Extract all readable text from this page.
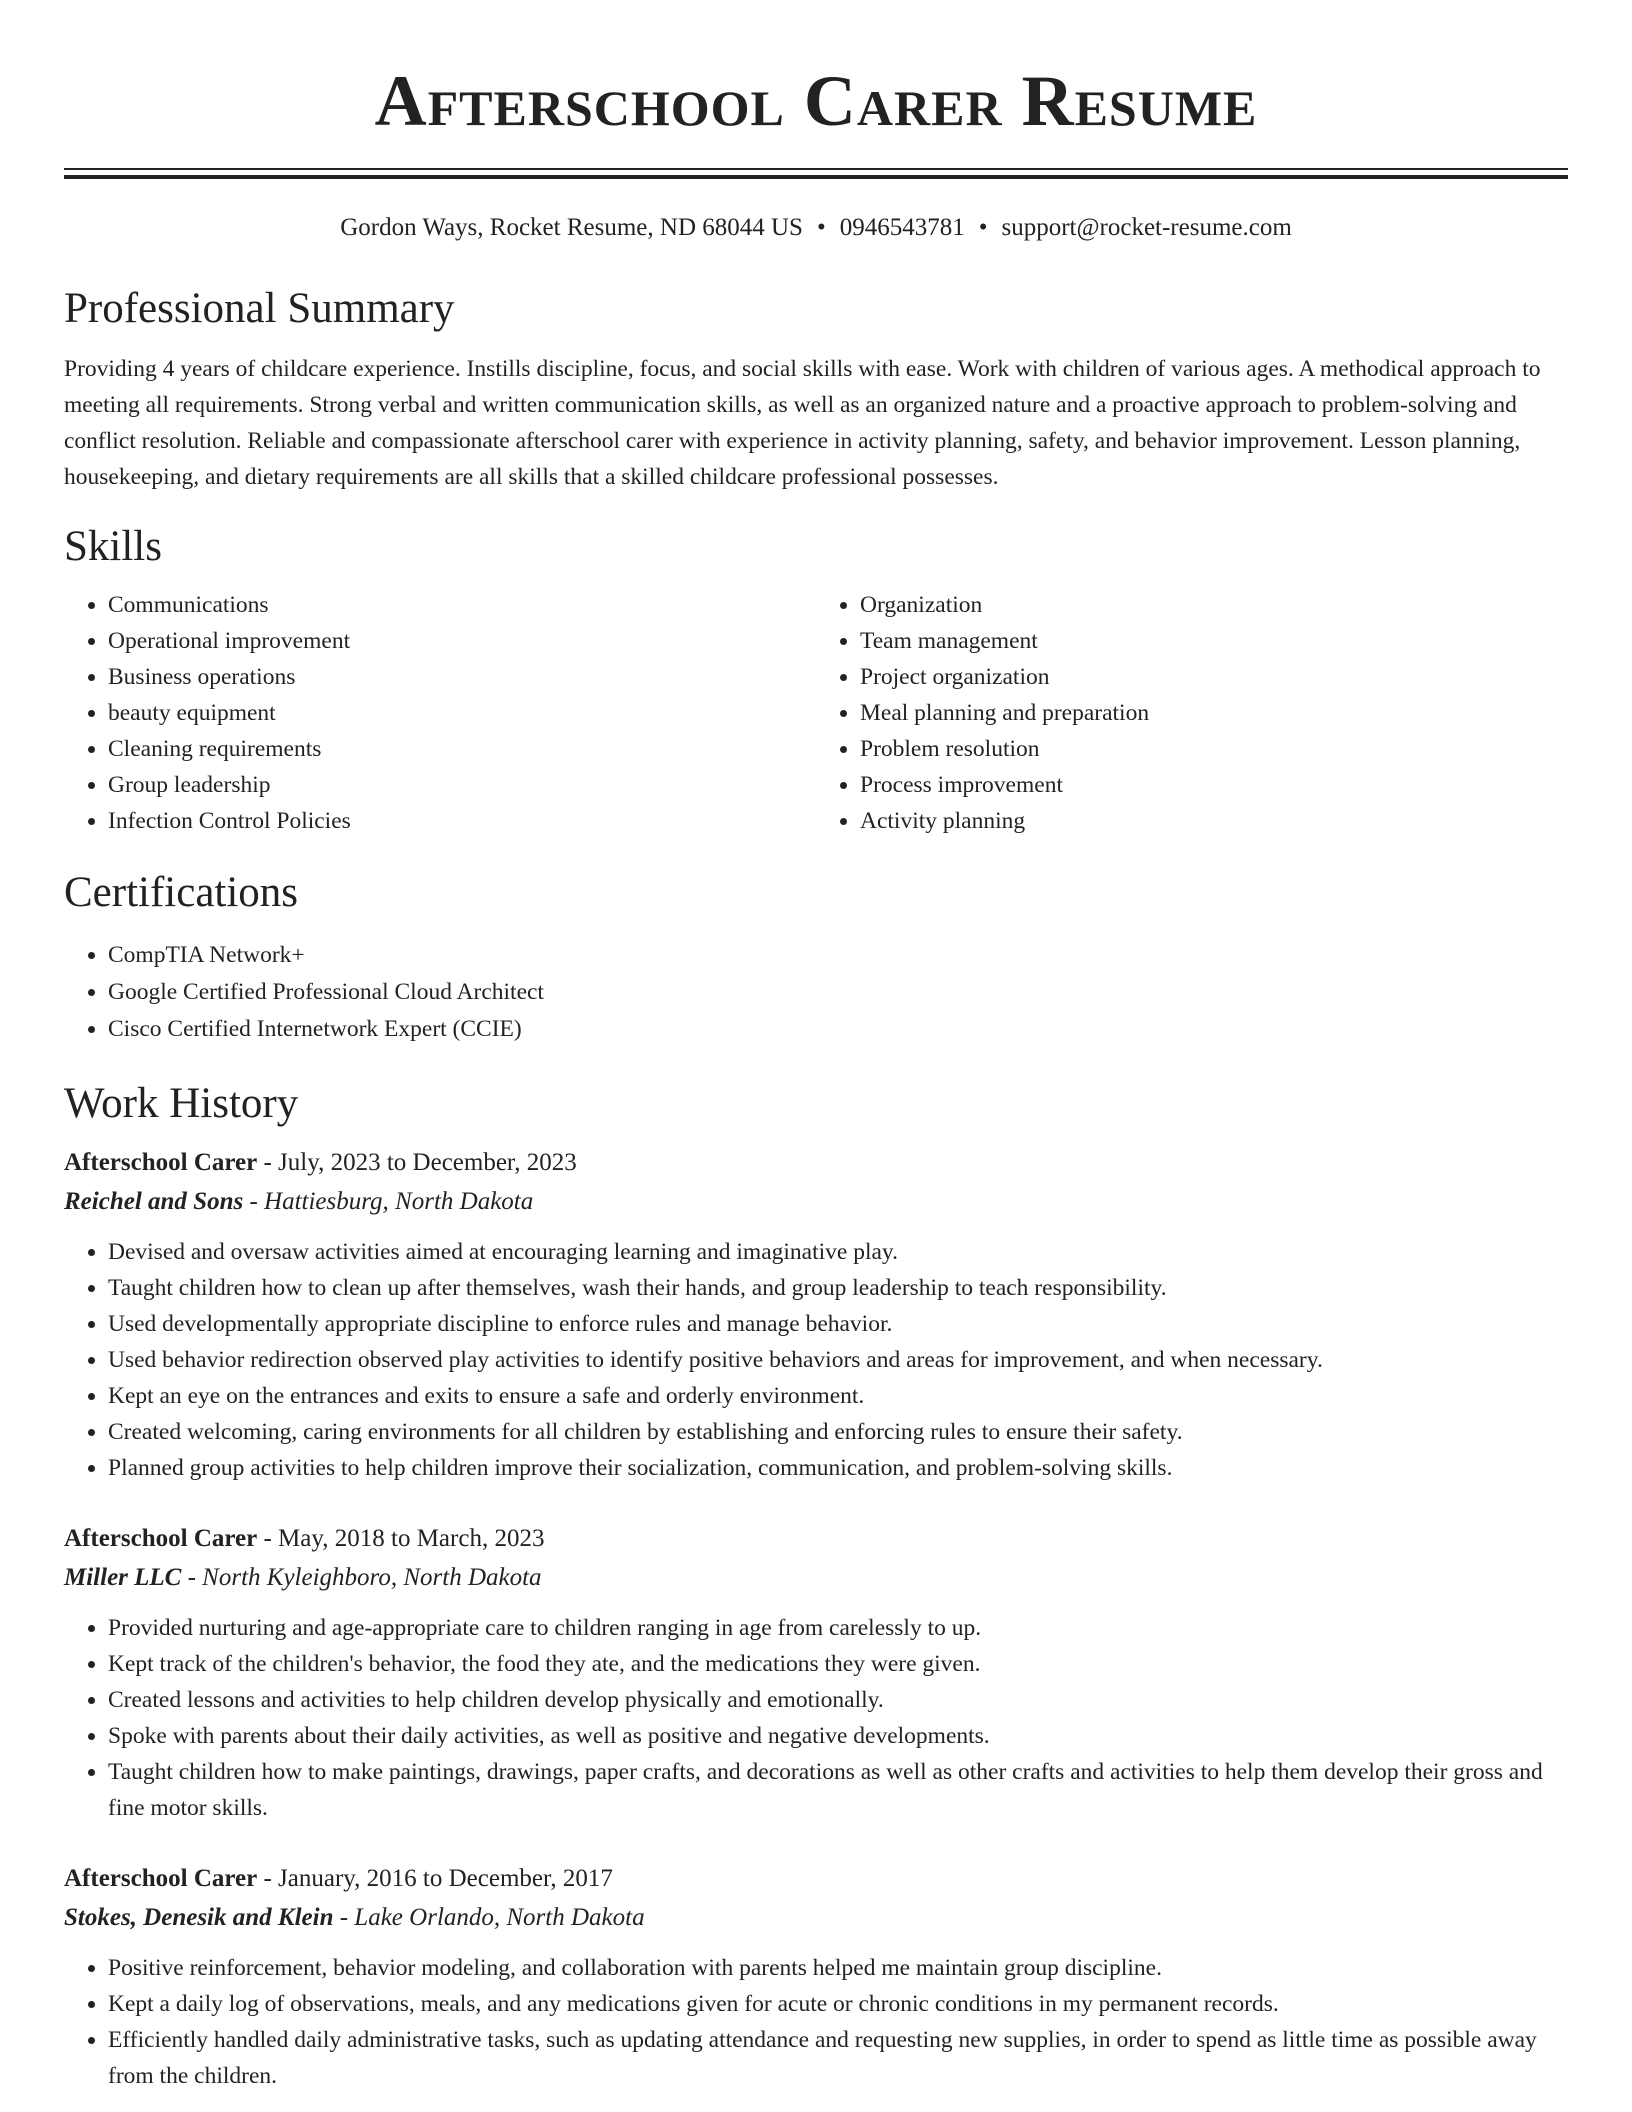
Afterschool Carer Resume
Gordon Ways, Rocket Resume, ND 68044 US • 0946543781 • support@rocket-resume.com
Professional Summary

Providing 4 years of childcare experience. Instills discipline, focus, and social skills with ease. Work with children of various ages. A methodical approach to meeting all requirements. Strong verbal and written communication skills, as well as an organized nature and a proactive approach to problem-solving and conflict resolution. Reliable and compassionate afterschool carer with experience in activity planning, safety, and behavior improvement. Lesson planning, housekeeping, and dietary requirements are all skills that a skilled childcare professional possesses.

Skills
• Communications
• Operational improvement
• Business operations
• beauty equipment
• Cleaning requirements
• Group leadership
• Infection Control Policies
• Organization
• Team management
• Project organization
• Meal planning and preparation
• Problem resolution
• Process improvement
• Activity planning
Certifications
• CompTIA Network+
• Google Certified Professional Cloud Architect
• Cisco Certified Internetwork Expert (CCIE)
Work History
Afterschool Carer - July, 2023 to December, 2023
Reichel and Sons - Hattiesburg, North Dakota
• Devised and oversaw activities aimed at encouraging learning and imaginative play.
• Taught children how to clean up after themselves, wash their hands, and group leadership to teach responsibility.
• Used developmentally appropriate discipline to enforce rules and manage behavior.
• Used behavior redirection observed play activities to identify positive behaviors and areas for improvement, and when necessary.
• Kept an eye on the entrances and exits to ensure a safe and orderly environment.
• Created welcoming, caring environments for all children by establishing and enforcing rules to ensure their safety.
• Planned group activities to help children improve their socialization, communication, and problem-solving skills.
Afterschool Carer - May, 2018 to March, 2023
Miller LLC - North Kyleighboro, North Dakota
• Provided nurturing and age-appropriate care to children ranging in age from carelessly to up.
• Kept track of the children's behavior, the food they ate, and the medications they were given.
• Created lessons and activities to help children develop physically and emotionally.
• Spoke with parents about their daily activities, as well as positive and negative developments.
• Taught children how to make paintings, drawings, paper crafts, and decorations as well as other crafts and activities to help them develop their gross and fine motor skills.
Afterschool Carer - January, 2016 to December, 2017
Stokes, Denesik and Klein - Lake Orlando, North Dakota
• Positive reinforcement, behavior modeling, and collaboration with parents helped me maintain group discipline.
• Kept a daily log of observations, meals, and any medications given for acute or chronic conditions in my permanent records.
• Efficiently handled daily administrative tasks, such as updating attendance and requesting new supplies, in order to spend as little time as possible away from the children.
